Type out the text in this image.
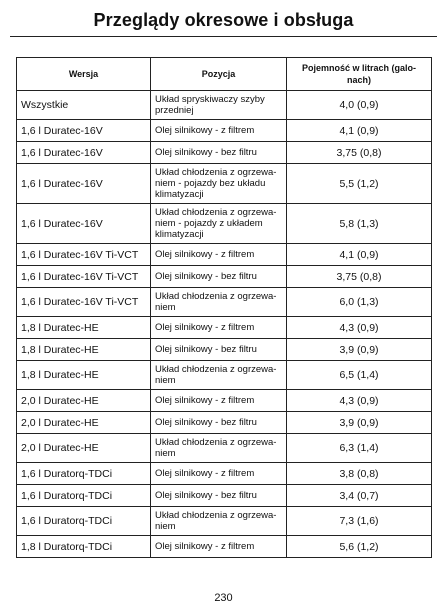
Przeglądy okresowe i obsługa
Wersja	Pozycja	Pojemność w litrach (galo-nach)
Wszystkie	Układ spryskiwaczy szyby przedniej	4,0 (0,9)
1,6 l Duratec-16V	Olej silnikowy - z filtrem	4,1 (0,9)
1,6 l Duratec-16V	Olej silnikowy - bez filtru	3,75 (0,8)
1,6 l Duratec-16V	Układ chłodzenia z ogrzewa-niem - pojazdy bez układu klimatyzacji	5,5 (1,2)
1,6 l Duratec-16V	Układ chłodzenia z ogrzewa-niem - pojazdy z układem klimatyzacji	5,8 (1,3)
1,6 l Duratec-16V Ti-VCT	Olej silnikowy - z filtrem	4,1 (0,9)
1,6 l Duratec-16V Ti-VCT	Olej silnikowy - bez filtru	3,75 (0,8)
1,6 l Duratec-16V Ti-VCT	Układ chłodzenia z ogrzewa-niem	6,0 (1,3)
1,8 l Duratec-HE	Olej silnikowy - z filtrem	4,3 (0,9)
1,8 l Duratec-HE	Olej silnikowy - bez filtru	3,9 (0,9)
1,8 l Duratec-HE	Układ chłodzenia z ogrzewa-niem	6,5 (1,4)
2,0 l Duratec-HE	Olej silnikowy - z filtrem	4,3 (0,9)
2,0 l Duratec-HE	Olej silnikowy - bez filtru	3,9 (0,9)
2,0 l Duratec-HE	Układ chłodzenia z ogrzewa-niem	6,3 (1,4)
1,6 l Duratorq-TDCi	Olej silnikowy - z filtrem	3,8 (0,8)
1,6 l Duratorq-TDCi	Olej silnikowy - bez filtru	3,4 (0,7)
1,6 l Duratorq-TDCi	Układ chłodzenia z ogrzewa-niem	7,3 (1,6)
1,8 l Duratorq-TDCi	Olej silnikowy - z filtrem	5,6 (1,2)
230
